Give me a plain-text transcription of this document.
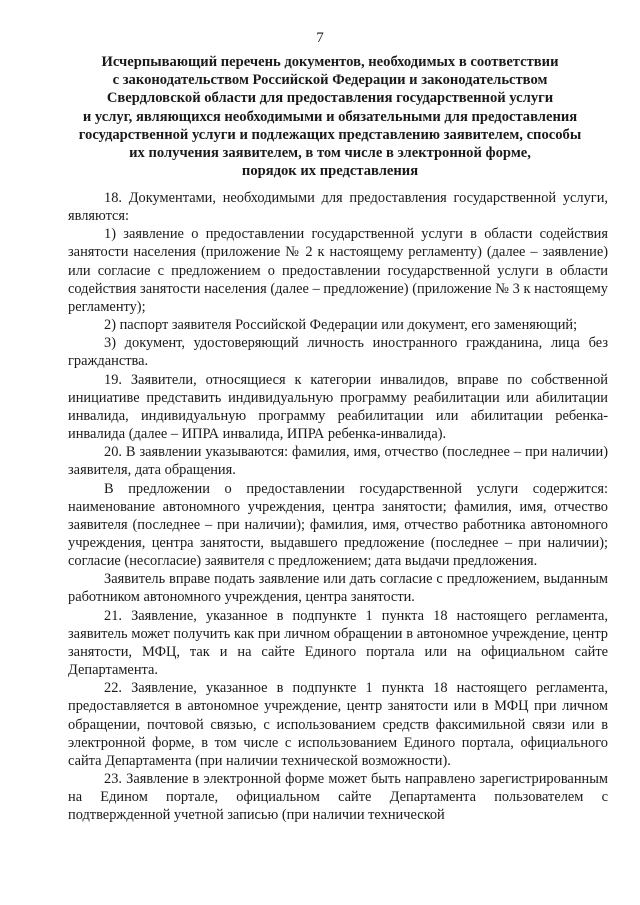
7
Исчерпывающий перечень документов, необходимых в соответствии
с законодательством Российской Федерации и законодательством
Свердловской области для предоставления государственной услуги
и услуг, являющихся необходимыми и обязательными для предоставления
государственной услуги и подлежащих представлению заявителем, способы
их получения заявителем, в том числе в электронной форме,
порядок их представления

18. Документами, необходимыми для предоставления государственной услуги, являются:

1) заявление о предоставлении государственной услуги в области содействия занятости населения (приложение № 2 к настоящему регламенту) (далее – заявление) или согласие с предложением о предоставлении государственной услуги в области содействия занятости населения (далее – предложение) (приложение № 3 к настоящему регламенту);

2) паспорт заявителя Российской Федерации или документ, его заменяющий;

3) документ, удостоверяющий личность иностранного гражданина, лица без гражданства.

19. Заявители, относящиеся к категории инвалидов, вправе по собственной инициативе представить индивидуальную программу реабилитации или абилитации инвалида, индивидуальную программу реабилитации или абилитации ребенка-инвалида (далее – ИПРА инвалида, ИПРА ребенка-инвалида).

20. В заявлении указываются: фамилия, имя, отчество (последнее – при наличии) заявителя, дата обращения.

В предложении о предоставлении государственной услуги содержится: наименование автономного учреждения, центра занятости; фамилия, имя, отчество заявителя (последнее – при наличии); фамилия, имя, отчество работника автономного учреждения, центра занятости, выдавшего предложение (последнее – при наличии); согласие (несогласие) заявителя с предложением; дата выдачи предложения.

Заявитель вправе подать заявление или дать согласие с предложением, выданным работником автономного учреждения, центра занятости.

21. Заявление, указанное в подпункте 1 пункта 18 настоящего регламента, заявитель может получить как при личном обращении в автономное учреждение, центр занятости, МФЦ, так и на сайте Единого портала или на официальном сайте Департамента.

22. Заявление, указанное в подпункте 1 пункта 18 настоящего регламента, предоставляется в автономное учреждение, центр занятости или в МФЦ при личном обращении, почтовой связью, с использованием средств факсимильной связи или в электронной форме, в том числе с использованием Единого портала, официального сайта Департамента (при наличии технической возможности).

23. Заявление в электронной форме может быть направлено зарегистрированным на Едином портале, официальном сайте Департамента пользователем с подтвержденной учетной записью (при наличии технической
